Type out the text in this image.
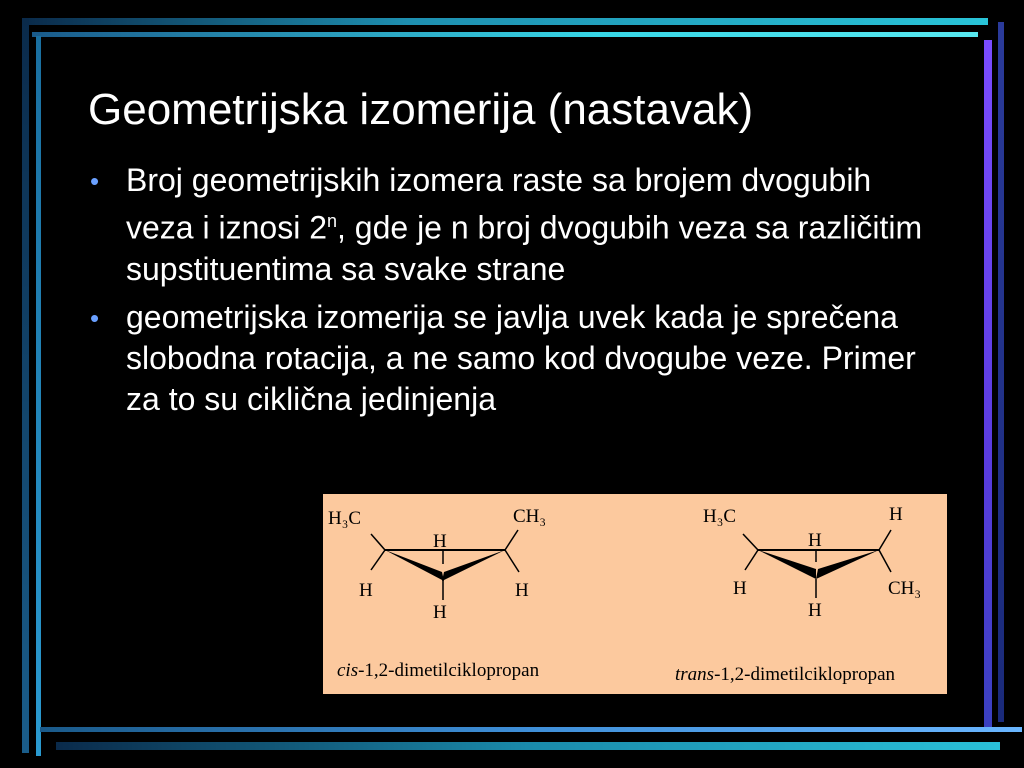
Geometrijska izomerija (nastavak)
• Broj geometrijskih izomera raste sa brojem dvogubih veza i iznosi 2$^n$, gde je n broj dvogubih veza sa različitim supstituentima sa svake strane
• geometrijska izomerija se javlja uvek kada je sprečena slobodna rotacija, a ne samo kod dvogube veze. Primer za to su ciklična jedinjenja
H₃C	CH₃
H
H	H
H
cis-1,2-dimetilciklopropan
H₃C	H
H
H	CH₃
H
trans-1,2-dimetilciklopropan
